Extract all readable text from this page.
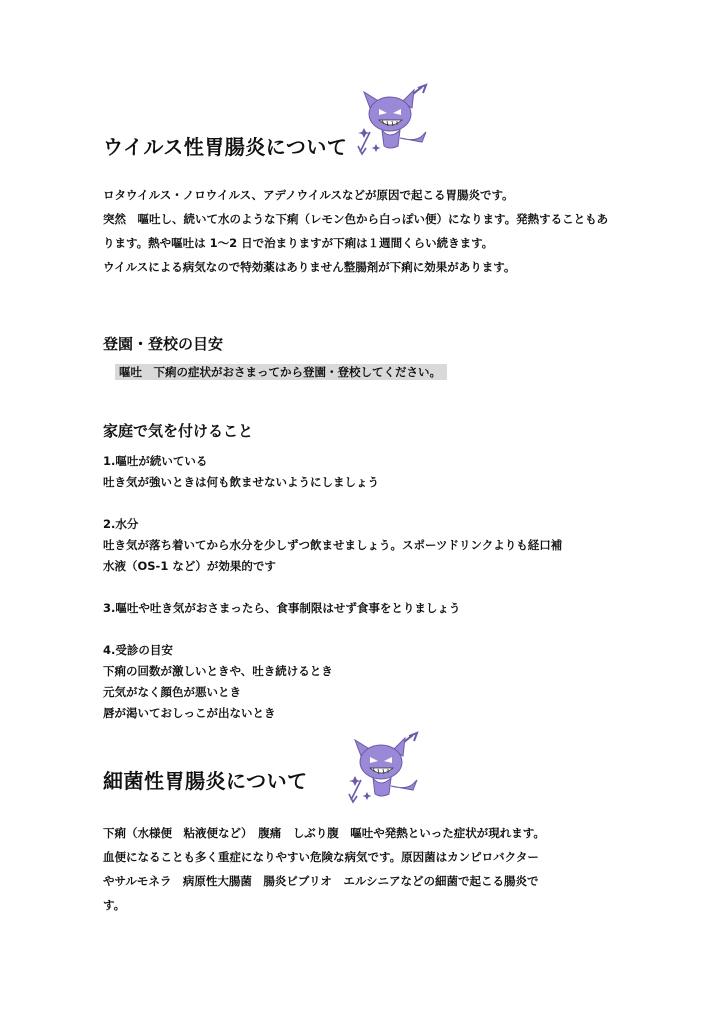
ウイルス性胃腸炎について
ロタウイルス・ノロウイルス、アデノウイルスなどが原因で起こる胃腸炎です。
突然　嘔吐し、続いて水のような下痢（レモン色から白っぽい便）になります。発熱することもあ
ります。熱や嘔吐は 1～2 日で治まりますが下痢は１週間くらい続きます。
ウイルスによる病気なので特効薬はありません整腸剤が下痢に効果があります。
登園・登校の目安
嘔吐　下痢の症状がおさまってから登園・登校してください。
家庭で気を付けること
1.嘔吐が続いている
吐き気が強いときは何も飲ませないようにしましょう
2.水分
吐き気が落ち着いてから水分を少しずつ飲ませましょう。スポーツドリンクよりも経口補
水液（OS-1 など）が効果的です
3.嘔吐や吐き気がおさまったら、食事制限はせず食事をとりましょう
4.受診の目安
下痢の回数が激しいときや、吐き続けるとき
元気がなく顔色が悪いとき
唇が渇いておしっこが出ないとき
細菌性胃腸炎について
下痢（水様便　粘液便など）　腹痛　しぶり腹　嘔吐や発熱といった症状が現れます。
血便になることも多く重症になりやすい危険な病気です。原因菌はカンピロバクター
やサルモネラ　病原性大腸菌　腸炎ビブリオ　エルシニアなどの細菌で起こる腸炎で
す。
